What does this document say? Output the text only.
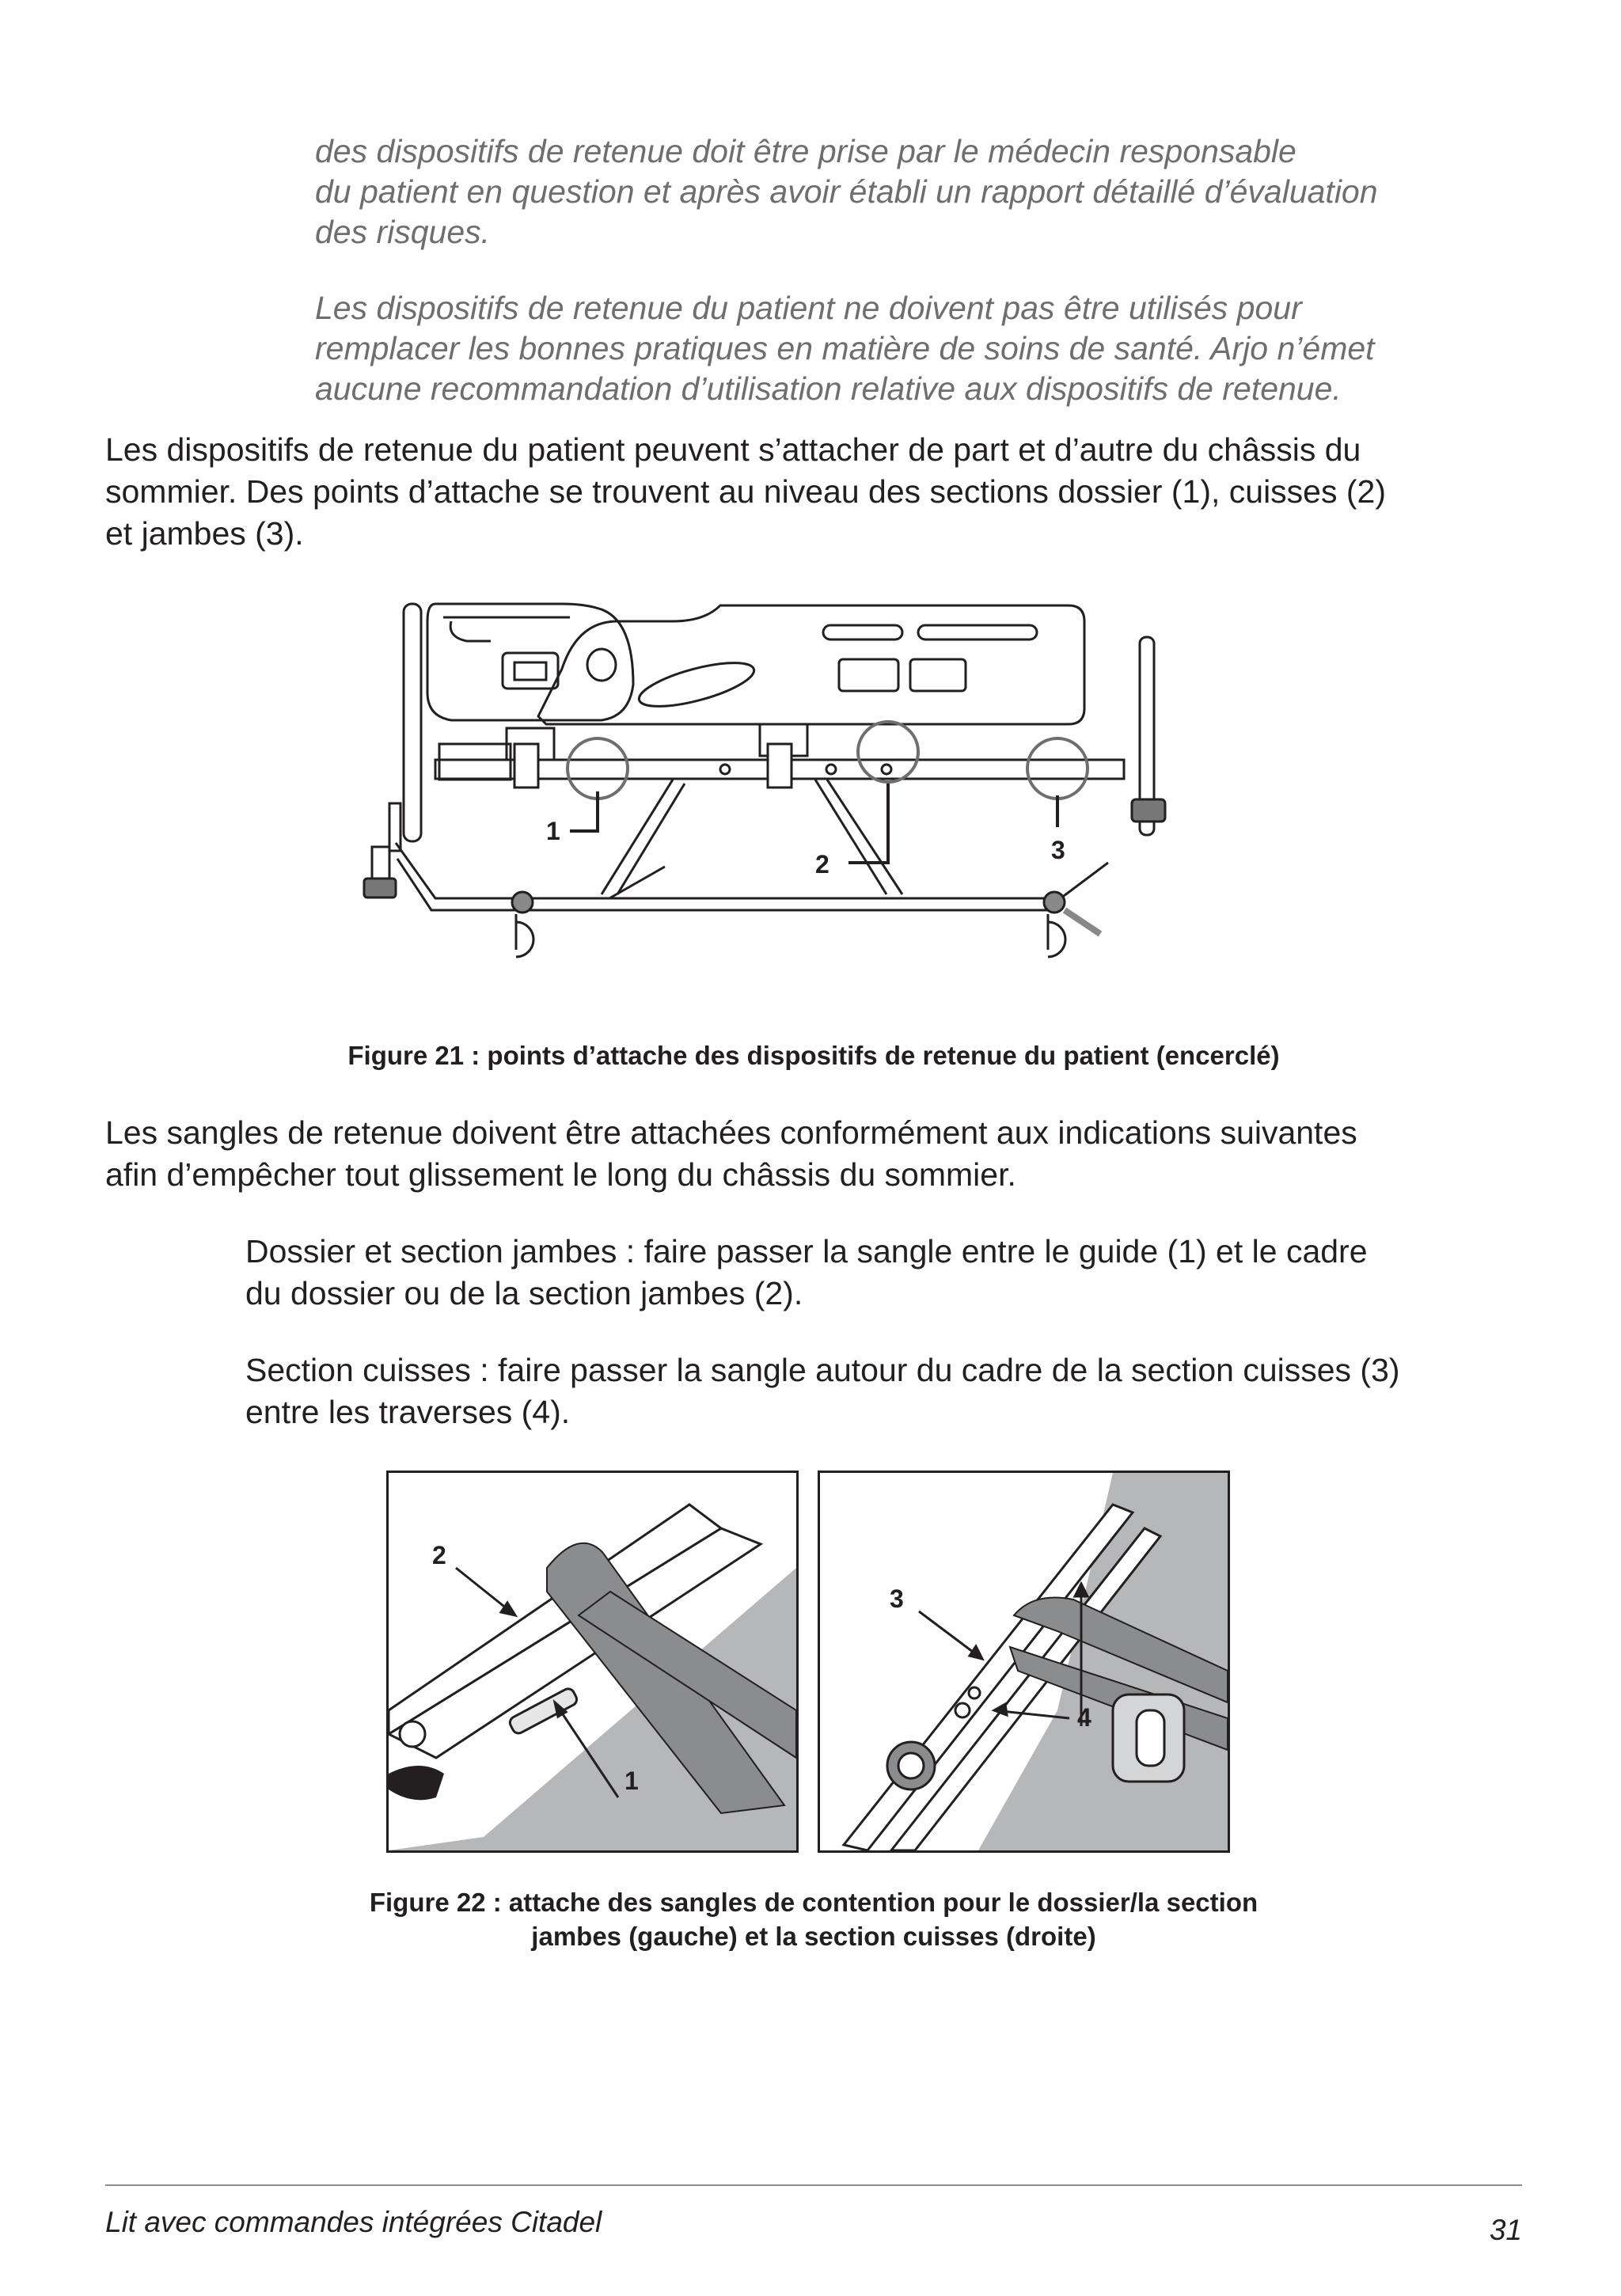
des dispositifs de retenue doit être prise par le médecin responsable
du patient en question et après avoir établi un rapport détaillé d’évaluation
des risques.

Les dispositifs de retenue du patient ne doivent pas être utilisés pour
remplacer les bonnes pratiques en matière de soins de santé. Arjo n’émet
aucune recommandation d’utilisation relative aux dispositifs de retenue.

Les dispositifs de retenue du patient peuvent s’attacher de part et d’autre du châssis du
sommier. Des points d’attache se trouvent au niveau des sections dossier (1), cuisses (2)
et jambes (3).

1
2	3

Figure 21 : points d’attache des dispositifs de retenue du patient (encerclé)

Les sangles de retenue doivent être attachées conformément aux indications suivantes
afin d’empêcher tout glissement le long du châssis du sommier.

Dossier et section jambes : faire passer la sangle entre le guide (1) et le cadre
du dossier ou de la section jambes (2).

Section cuisses : faire passer la sangle autour du cadre de la section cuisses (3)
entre les traverses (4).

2
1
3
4

Figure 22 : attache des sangles de contention pour le dossier/la section
jambes (gauche) et la section cuisses (droite)

Lit avec commandes intégrées Citadel	31
